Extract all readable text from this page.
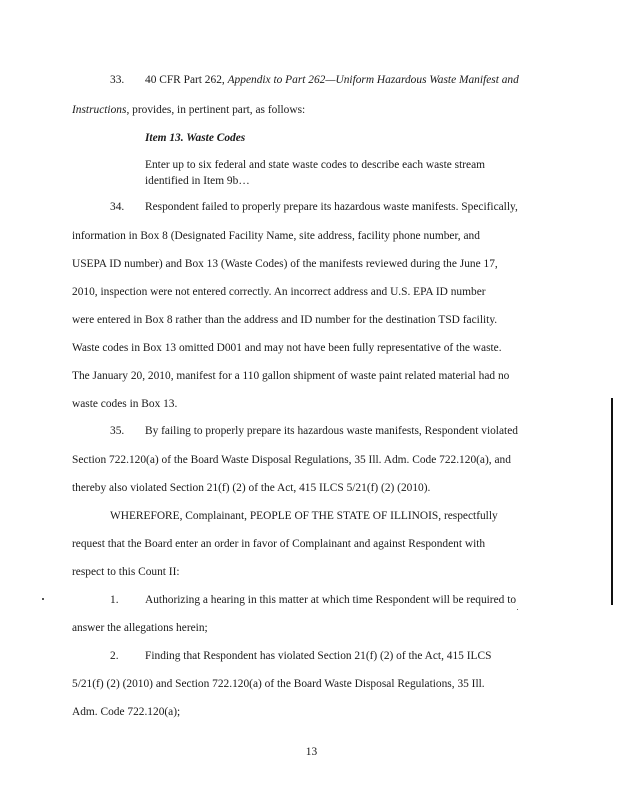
33. 40 CFR Part 262, Appendix to Part 262—Uniform Hazardous Waste Manifest and
Instructions, provides, in pertinent part, as follows:
Item 13. Waste Codes
Enter up to six federal and state waste codes to describe each waste stream
identified in Item 9b…
34. Respondent failed to properly prepare its hazardous waste manifests. Specifically,
information in Box 8 (Designated Facility Name, site address, facility phone number, and
USEPA ID number) and Box 13 (Waste Codes) of the manifests reviewed during the June 17,
2010, inspection were not entered correctly. An incorrect address and U.S. EPA ID number
were entered in Box 8 rather than the address and ID number for the destination TSD facility.
Waste codes in Box 13 omitted D001 and may not have been fully representative of the waste.
The January 20, 2010, manifest for a 110 gallon shipment of waste paint related material had no
waste codes in Box 13.
35. By failing to properly prepare its hazardous waste manifests, Respondent violated
Section 722.120(a) of the Board Waste Disposal Regulations, 35 Ill. Adm. Code 722.120(a), and
thereby also violated Section 21(f) (2) of the Act, 415 ILCS 5/21(f) (2) (2010).
WHEREFORE, Complainant, PEOPLE OF THE STATE OF ILLINOIS, respectfully
request that the Board enter an order in favor of Complainant and against Respondent with
respect to this Count II:
1. Authorizing a hearing in this matter at which time Respondent will be required to
answer the allegations herein;
2. Finding that Respondent has violated Section 21(f) (2) of the Act, 415 ILCS
5/21(f) (2) (2010) and Section 722.120(a) of the Board Waste Disposal Regulations, 35 Ill.
Adm. Code 722.120(a);
13
